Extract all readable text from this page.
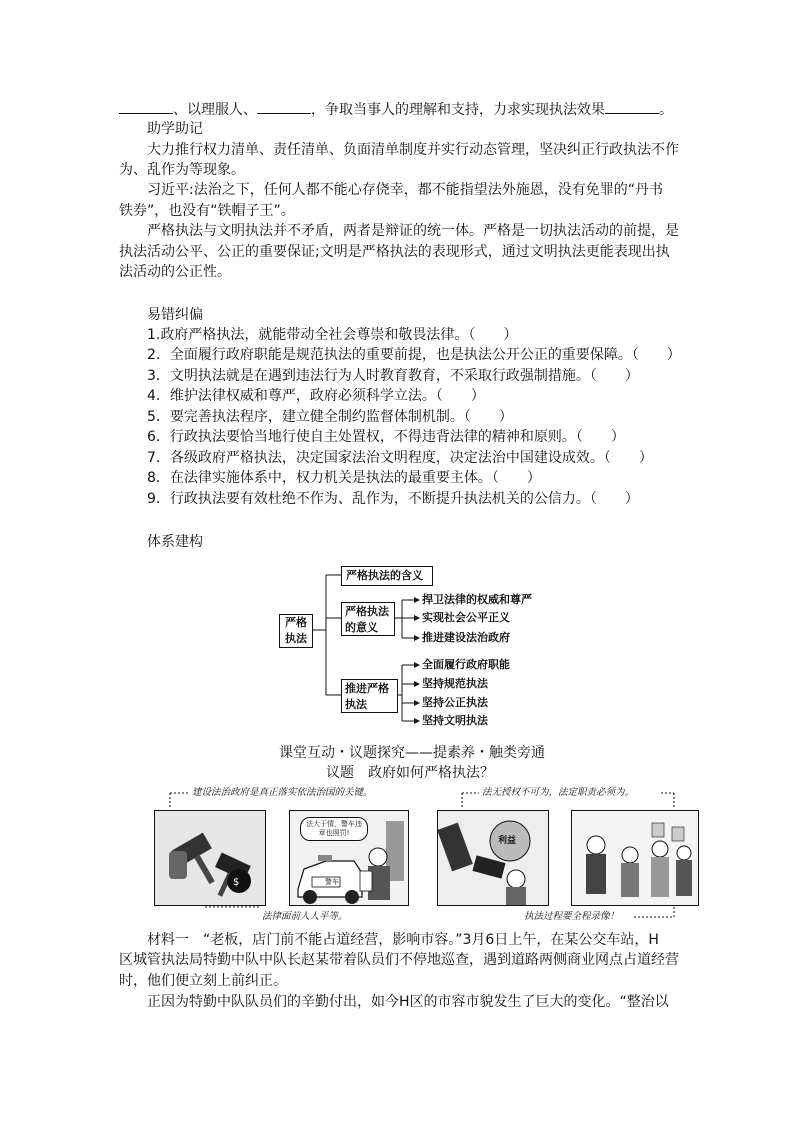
、以理服人、	，争取当事人的理解和支持，力求实现执法效果	。
助学助记
大力推行权力清单、责任清单、负面清单制度并实行动态管理，坚决纠正行政执法不作
为、乱作为等现象。
习近平:法治之下，任何人都不能心存侥幸，都不能指望法外施恩，没有免罪的“丹书
铁券”，也没有“铁帽子王”。
严格执法与文明执法并不矛盾，两者是辩证的统一体。严格是一切执法活动的前提，是
执法活动公平、公正的重要保证;文明是严格执法的表现形式，通过文明执法更能表现出执
法活动的公正性。
易错纠偏
1.政府严格执法，就能带动全社会尊崇和敬畏法律。（　　）
2．全面履行政府职能是规范执法的重要前提，也是执法公开公正的重要保障。（　　）
3．文明执法就是在遇到违法行为人时教育教育，不采取行政强制措施。（　　）
4．维护法律权威和尊严，政府必须科学立法。（　　）
5．要完善执法程序，建立健全制约监督体制机制。（　　）
6．行政执法要恰当地行使自主处置权，不得违背法律的精神和原则。（　　）
7．各级政府严格执法，决定国家法治文明程度，决定法治中国建设成效。（　　）
8．在法律实施体系中，权力机关是执法的最重要主体。（　　）
9．行政执法要有效杜绝不作为、乱作为，不断提升执法机关的公信力。（　　）
体系建构
严格执法
严格执法的含义
严格执法的意义
推进严格执法
捍卫法律的权威和尊严
实现社会公平正义
推进建设法治政府
全面履行政府职能
坚持规范执法
坚持公正执法
坚持文明执法
课堂互动・议题探究——提素养・触类旁通
议题　政府如何严格执法？
建设法治政府是真正落实依法治国的关键。	法无授权不可为，法定职责必须为。
法律面前人人平等。	执法过程要全程录像！
$
法大于情，警车违章也照罚!
警车
利益
材料一　“老板，店门前不能占道经营，影响市容。”3月6日上午，在某公交车站，H
区城管执法局特勤中队中队长赵某带着队员们不停地巡查，遇到道路两侧商业网点占道经营
时，他们便立刻上前纠正。
正因为特勤中队队员们的辛勤付出，如今H区的市容市貌发生了巨大的变化。“整治以
